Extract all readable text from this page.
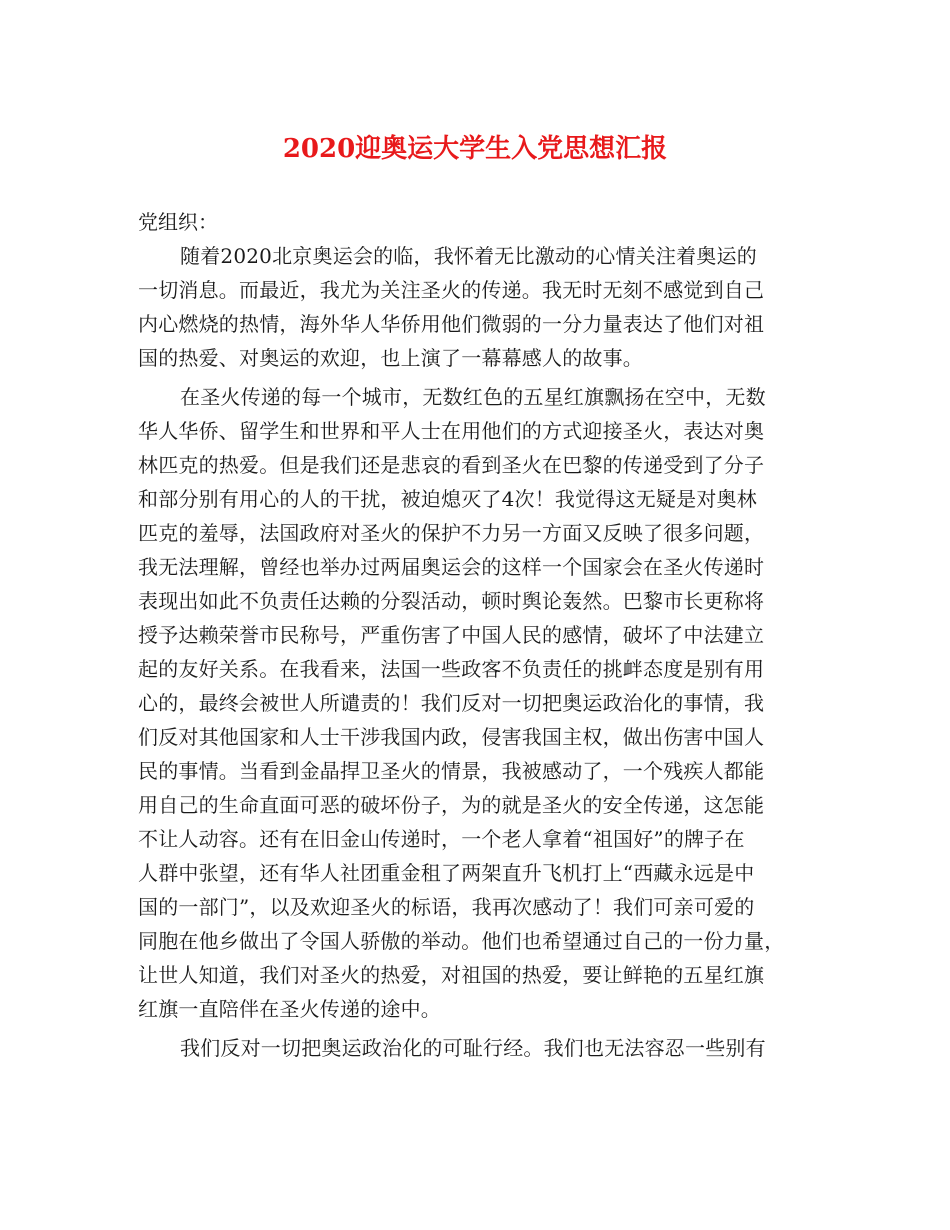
2020迎奥运大学生入党思想汇报

党组织：

随着2020北京奥运会的临，我怀着无比激动的心情关注着奥运的
一切消息。而最近，我尤为关注圣火的传递。我无时无刻不感觉到自己
内心燃烧的热情，海外华人华侨用他们微弱的一分力量表达了他们对祖
国的热爱、对奥运的欢迎，也上演了一幕幕感人的故事。

在圣火传递的每一个城市，无数红色的五星红旗飘扬在空中，无数
华人华侨、留学生和世界和平人士在用他们的方式迎接圣火，表达对奥
林匹克的热爱。但是我们还是悲哀的看到圣火在巴黎的传递受到了分子
和部分别有用心的人的干扰，被迫熄灭了4次！我觉得这无疑是对奥林
匹克的羞辱，法国政府对圣火的保护不力另一方面又反映了很多问题，
我无法理解，曾经也举办过两届奥运会的这样一个国家会在圣火传递时
表现出如此不负责任达赖的分裂活动，顿时舆论轰然。巴黎市长更称将
授予达赖荣誉市民称号，严重伤害了中国人民的感情，破坏了中法建立
起的友好关系。在我看来，法国一些政客不负责任的挑衅态度是别有用
心的，最终会被世人所谴责的！我们反对一切把奥运政治化的事情，我
们反对其他国家和人士干涉我国内政，侵害我国主权，做出伤害中国人
民的事情。当看到金晶捍卫圣火的情景，我被感动了，一个残疾人都能
用自己的生命直面可恶的破坏份子，为的就是圣火的安全传递，这怎能
不让人动容。还有在旧金山传递时，一个老人拿着“祖国好”的牌子在
人群中张望，还有华人社团重金租了两架直升飞机打上“西藏永远是中
国的一部门”，以及欢迎圣火的标语，我再次感动了！我们可亲可爱的
同胞在他乡做出了令国人骄傲的举动。他们也希望通过自己的一份力量，
让世人知道，我们对圣火的热爱，对祖国的热爱，要让鲜艳的五星红旗
红旗一直陪伴在圣火传递的途中。

我们反对一切把奥运政治化的可耻行经。我们也无法容忍一些别有
